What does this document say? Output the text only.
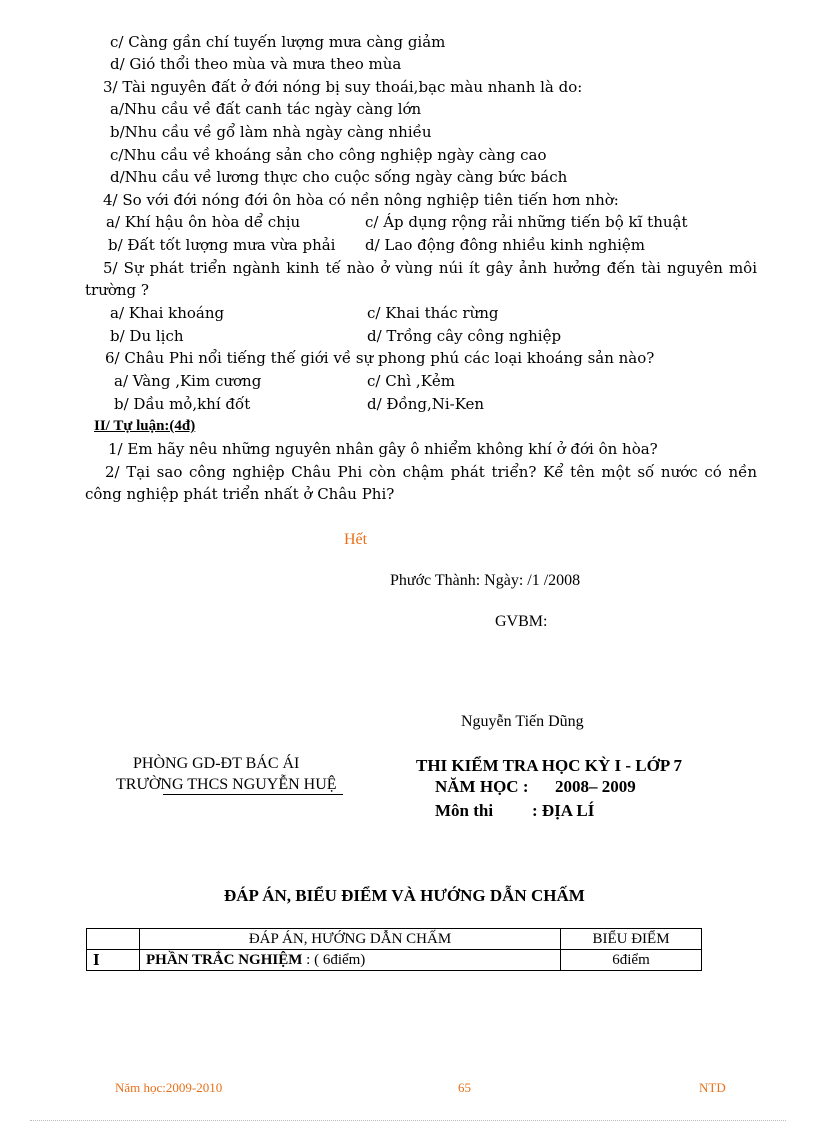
c/ Càng gần chí tuyến lượng mưa càng giảm
d/ Gió thổi theo mùa và mưa theo mùa
3/ Tài nguyên đất ở đới nóng bị suy thoái,bạc màu nhanh là do:
a/Nhu cầu về đất canh tác ngày càng lớn
b/Nhu cầu về gổ làm nhà ngày càng nhiều
c/Nhu cầu về khoáng sản cho công nghiệp ngày càng cao
d/Nhu cầu về lương thực cho cuộc sống ngày càng bức bách
4/ So với đới nóng đới ôn hòa có nền nông nghiệp tiên tiến hơn nhờ:
a/ Khí hậu ôn hòa dể chịu	c/ Áp dụng rộng rải những tiến bộ kĩ thuật
b/ Đất tốt lượng mưa vừa phải d/ Lao động đông nhiều kinh nghiệm
5/ Sự phát triển ngành kinh tế nào ở vùng núi ít gây ảnh hưởng đến tài nguyên môi
trường ?
a/ Khai khoáng	c/ Khai thác rừng
b/ Du lịch	d/ Trồng cây công nghiệp
6/ Châu Phi nổi tiếng thế giới về sự phong phú các loại khoáng sản nào?
a/ Vàng ,Kim cương	c/ Chì ,Kẻm
b/ Dầu mỏ,khí đốt	d/ Đồng,Ni-Ken
II/ Tự luận:(4đ)
1/ Em hãy nêu những nguyên nhân gây ô nhiểm không khí ở đới ôn hòa?
2/ Tại sao công nghiệp Châu Phi còn chậm phát triển? Kể tên một số nước có nền
công nghiệp phát triển nhất ở Châu Phi?
Hết
Phước Thành: Ngày: /1 /2008
GVBM:
Nguyễn Tiến Dũng
PHÒNG GD-ĐT BÁC ÁI
TRƯỜNG THCS NGUYỄN HUỆ
THI KIỂM TRA HỌC KỲ I - LỚP 7
NĂM HỌC : 2008– 2009
Môn thi : ĐỊA LÍ
ĐÁP ÁN, BIỂU ĐIỂM VÀ HƯỚNG DẪN CHẤM
	ĐÁP ÁN, HƯỚNG DẪN CHẤM	BIỂU ĐIỂM
I	PHẦN TRẮC NGHIỆM : ( 6điểm)	6điểm
Năm học:2009-2010	65	NTD
